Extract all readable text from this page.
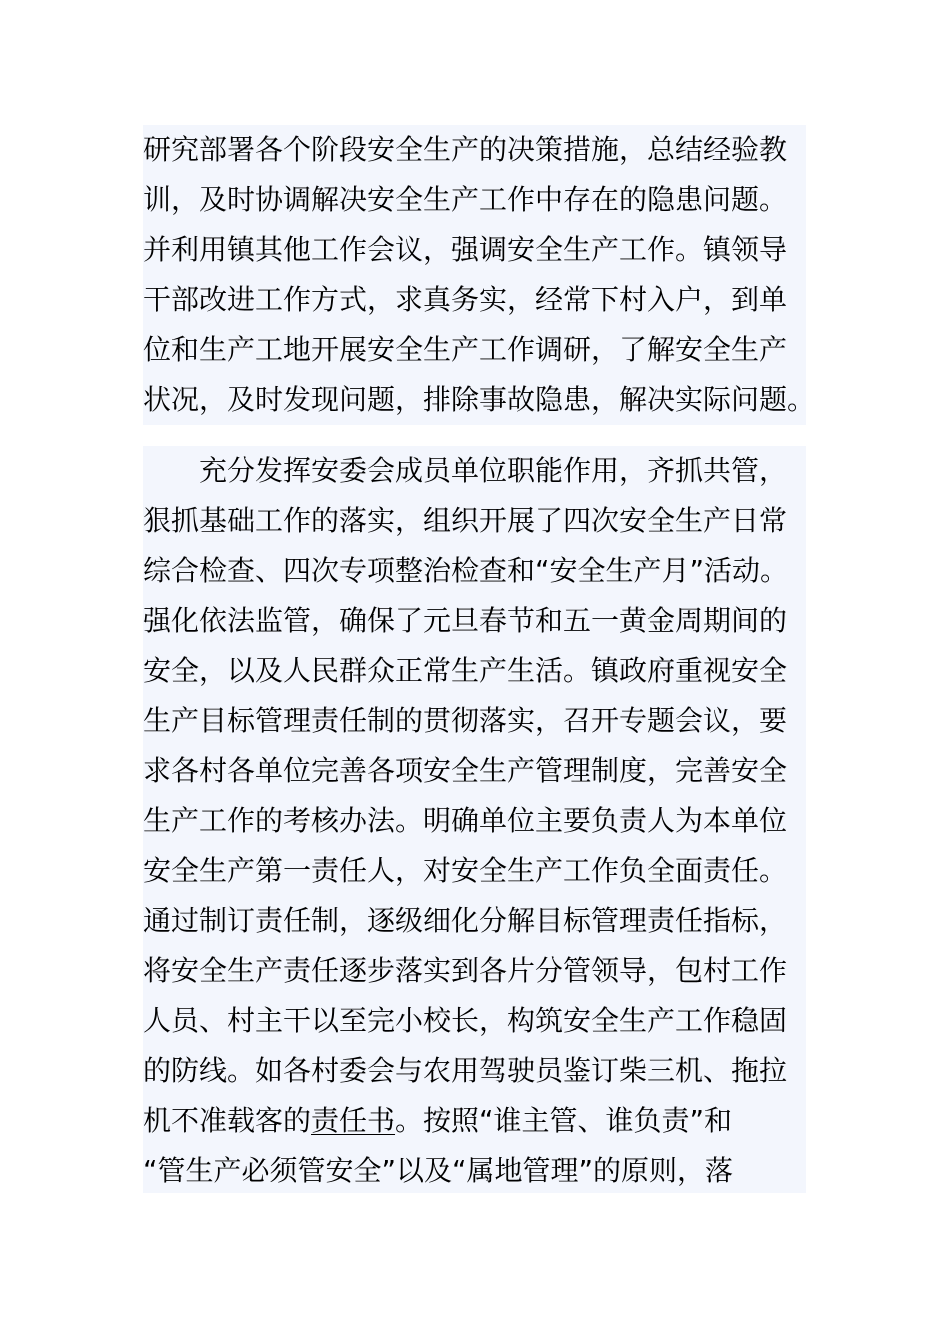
研究部署各个阶段安全生产的决策措施，总结经验教
训，及时协调解决安全生产工作中存在的隐患问题。
并利用镇其他工作会议，强调安全生产工作。镇领导
干部改进工作方式，求真务实，经常下村入户，到单
位和生产工地开展安全生产工作调研，了解安全生产
状况，及时发现问题，排除事故隐患，解决实际问题。
充分发挥安委会成员单位职能作用，齐抓共管，
狠抓基础工作的落实，组织开展了四次安全生产日常
综合检查、四次专项整治检查和“安全生产月”活动。
强化依法监管，确保了元旦春节和五一黄金周期间的
安全，以及人民群众正常生产生活。镇政府重视安全
生产目标管理责任制的贯彻落实，召开专题会议，要
求各村各单位完善各项安全生产管理制度，完善安全
生产工作的考核办法。明确单位主要负责人为本单位
安全生产第一责任人，对安全生产工作负全面责任。
通过制订责任制，逐级细化分解目标管理责任指标，
将安全生产责任逐步落实到各片分管领导，包村工作
人员、村主干以至完小校长，构筑安全生产工作稳固
的防线。如各村委会与农用驾驶员鉴订柴三机、拖拉
机不准载客的责任书。按照“谁主管、谁负责”和
“管生产必须管安全”以及“属地管理”的原则，落
